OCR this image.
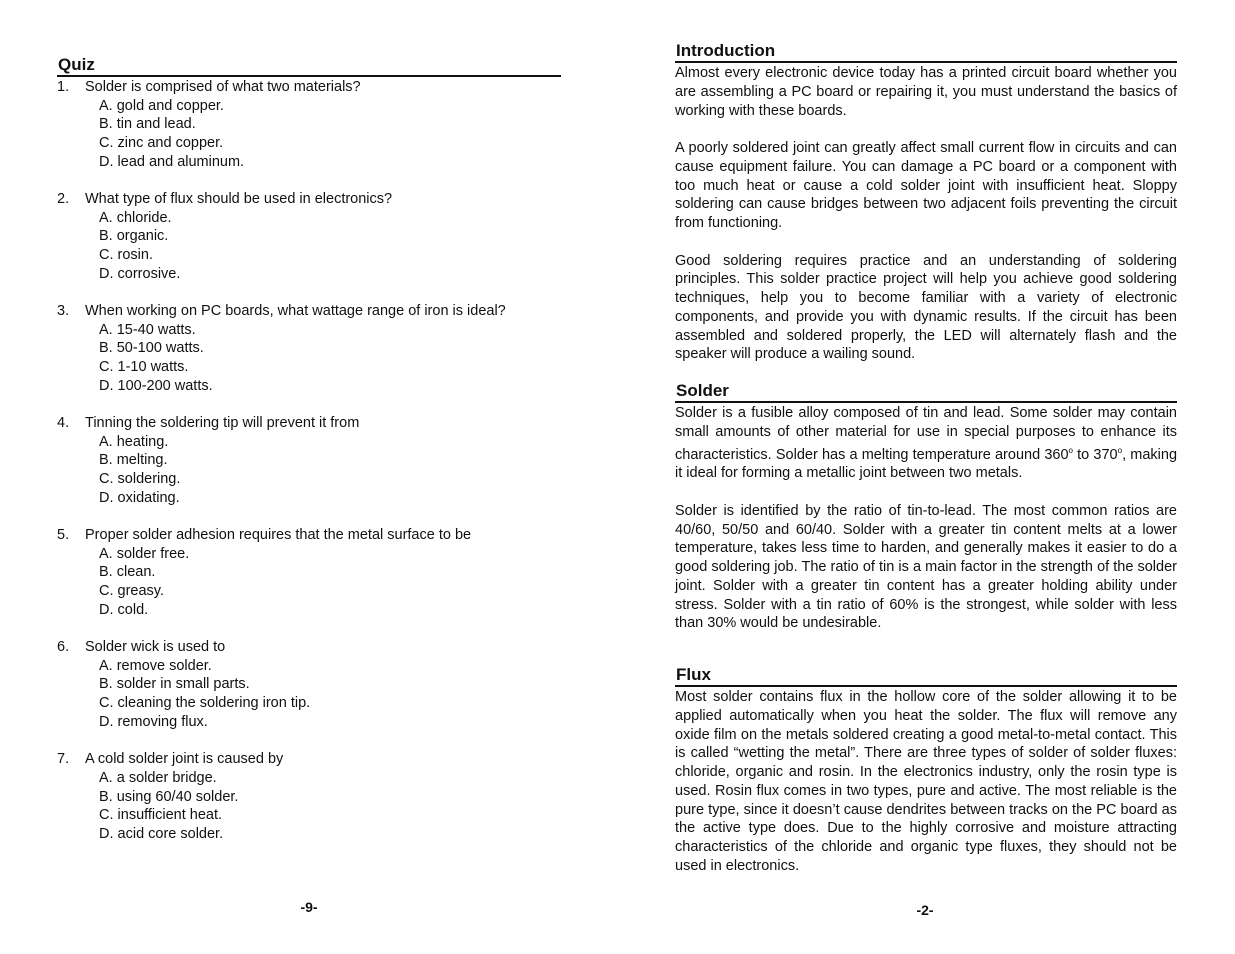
Quiz
1.	Solder is comprised of what two materials?
A. gold and copper.
B. tin and lead.
C. zinc and copper.
D. lead and aluminum.
2.	What type of flux should be used in electronics?
A. chloride.
B. organic.
C. rosin.
D. corrosive.
3.	When working on PC boards, what wattage range of iron is ideal?
A. 15-40 watts.
B. 50-100 watts.
C. 1-10 watts.
D. 100-200 watts.
4.	Tinning the soldering tip will prevent it from
A. heating.
B. melting.
C. soldering.
D. oxidating.
5.	Proper solder adhesion requires that the metal surface to be
A. solder free.
B. clean.
C. greasy.
D. cold.
6.	Solder wick is used to
A. remove solder.
B. solder in small parts.
C. cleaning the soldering iron tip.
D. removing flux.
7.	A cold solder joint is caused by
A. a solder bridge.
B. using 60/40 solder.
C. insufficient heat.
D. acid core solder.
-9-
Introduction

Almost every electronic device today has a printed circuit board whether you are assembling a PC board or repairing it, you must understand the basics of working with these boards.

A poorly soldered joint can greatly affect small current flow in circuits and can cause equipment failure. You can damage a PC board or a component with too much heat or cause a cold solder joint with insufficient heat. Sloppy soldering can cause bridges between two adjacent foils preventing the circuit from functioning.

Good soldering requires practice and an understanding of soldering principles. This solder practice project will help you achieve good soldering techniques, help you to become familiar with a variety of electronic components, and provide you with dynamic results. If the circuit has been assembled and soldered properly, the LED will alternately flash and the speaker will produce a wailing sound.

Solder

Solder is a fusible alloy composed of tin and lead. Some solder may contain small amounts of other material for use in special purposes to enhance its characteristics. Solder has a melting temperature around 360$^o$ to 370$^o$, making it ideal for forming a metallic joint between two metals.

Solder is identified by the ratio of tin-to-lead. The most common ratios are 40/60, 50/50 and 60/40. Solder with a greater tin content melts at a lower temperature, takes less time to harden, and generally makes it easier to do a good soldering job. The ratio of tin is a main factor in the strength of the solder joint. Solder with a greater tin content has a greater holding ability under stress. Solder with a tin ratio of 60% is the strongest, while solder with less than 30% would be undesirable.

Flux

Most solder contains flux in the hollow core of the solder allowing it to be applied automatically when you heat the solder. The flux will remove any oxide film on the metals soldered creating a good metal-to-metal contact. This is called “wetting the metal”. There are three types of solder of solder fluxes: chloride, organic and rosin. In the electronics industry, only the rosin type is used. Rosin flux comes in two types, pure and active. The most reliable is the pure type, since it doesn’t cause dendrites between tracks on the PC board as the active type does. Due to the highly corrosive and moisture attracting characteristics of the chloride and organic type fluxes, they should not be used in electronics.

-2-
